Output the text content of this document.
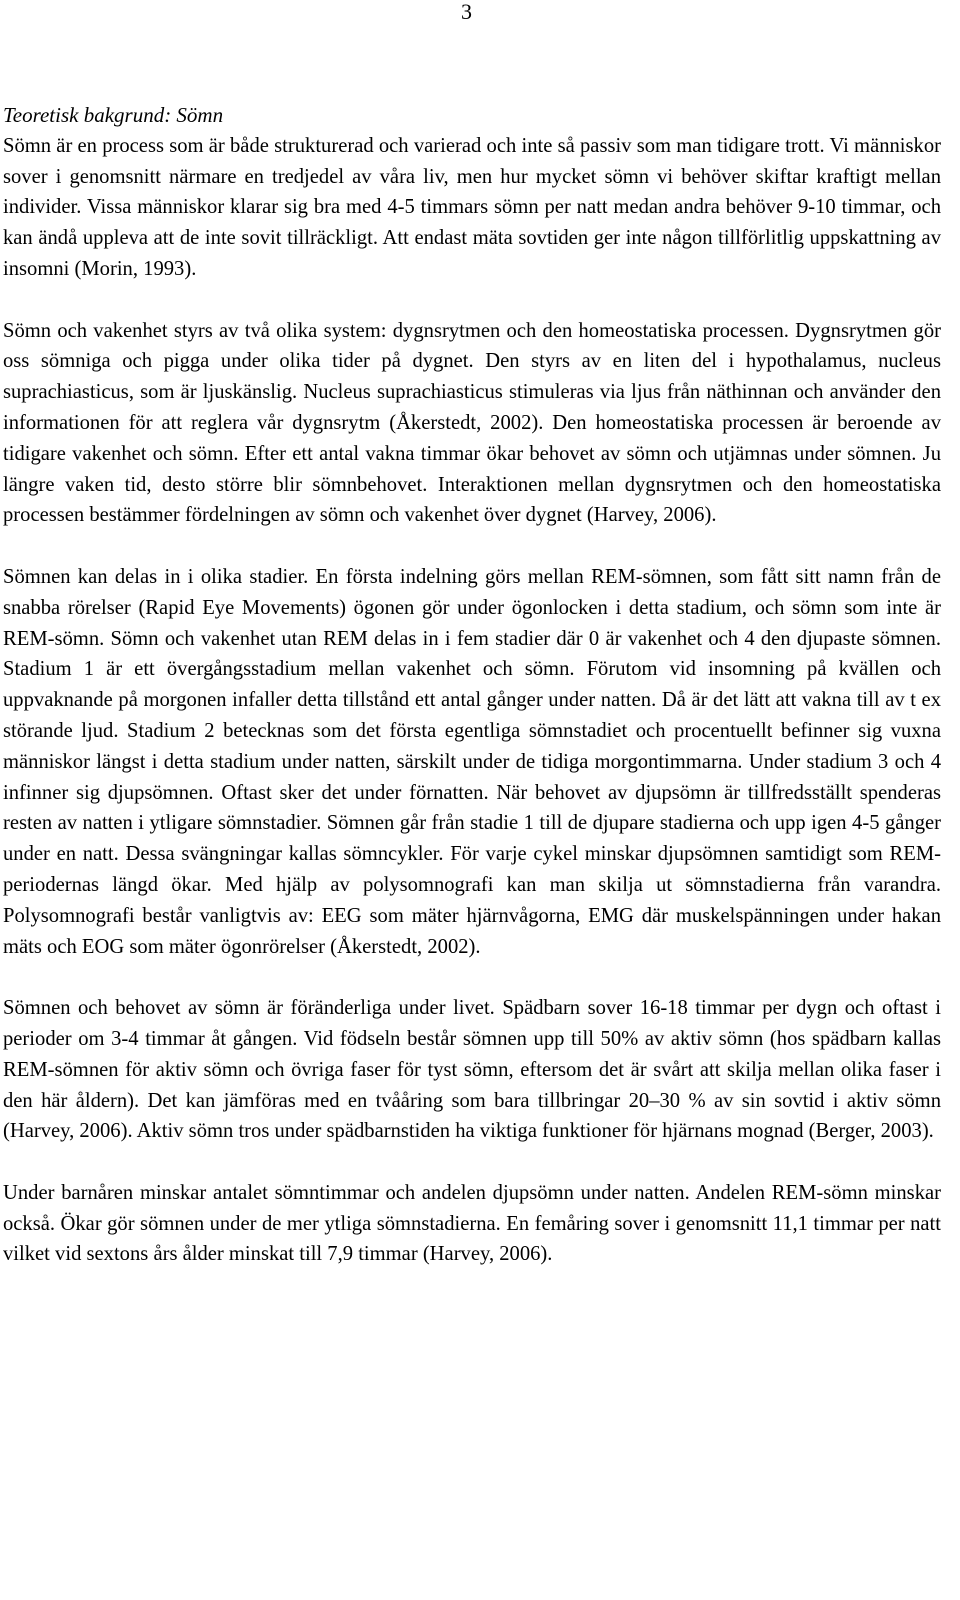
3
Teoretisk bakgrund: Sömn

Sömn är en process som är både strukturerad och varierad och inte så passiv som man tidigare trott. Vi människor sover i genomsnitt närmare en tredjedel av våra liv, men hur mycket sömn vi behöver skiftar kraftigt mellan individer. Vissa människor klarar sig bra med 4-5 timmars sömn per natt medan andra behöver 9-10 timmar, och kan ändå uppleva att de inte sovit tillräckligt. Att endast mäta sovtiden ger inte någon tillförlitlig uppskattning av insomni (Morin, 1993).

Sömn och vakenhet styrs av två olika system: dygnsrytmen och den homeostatiska processen. Dygnsrytmen gör oss sömniga och pigga under olika tider på dygnet. Den styrs av en liten del i hypothalamus, nucleus suprachiasticus, som är ljuskänslig. Nucleus suprachiasticus stimuleras via ljus från näthinnan och använder den informationen för att reglera vår dygnsrytm (Åkerstedt, 2002). Den homeostatiska processen är beroende av tidigare vakenhet och sömn. Efter ett antal vakna timmar ökar behovet av sömn och utjämnas under sömnen. Ju längre vaken tid, desto större blir sömnbehovet. Interaktionen mellan dygnsrytmen och den homeostatiska processen bestämmer fördelningen av sömn och vakenhet över dygnet (Harvey, 2006).

Sömnen kan delas in i olika stadier. En första indelning görs mellan REM-sömnen, som fått sitt namn från de snabba rörelser (Rapid Eye Movements) ögonen gör under ögonlocken i detta stadium, och sömn som inte är REM-sömn. Sömn och vakenhet utan REM delas in i fem stadier där 0 är vakenhet och 4 den djupaste sömnen. Stadium 1 är ett övergångsstadium mellan vakenhet och sömn. Förutom vid insomning på kvällen och uppvaknande på morgonen infaller detta tillstånd ett antal gånger under natten. Då är det lätt att vakna till av t ex störande ljud. Stadium 2 betecknas som det första egentliga sömnstadiet och procentuellt befinner sig vuxna människor längst i detta stadium under natten, särskilt under de tidiga morgontimmarna. Under stadium 3 och 4 infinner sig djupsömnen. Oftast sker det under förnatten. När behovet av djupsömn är tillfredsställt spenderas resten av natten i ytligare sömnstadier. Sömnen går från stadie 1 till de djupare stadierna och upp igen 4-5 gånger under en natt. Dessa svängningar kallas sömncykler. För varje cykel minskar djupsömnen samtidigt som REM-periodernas längd ökar. Med hjälp av polysomnografi kan man skilja ut sömnstadierna från varandra. Polysomnografi består vanligtvis av: EEG som mäter hjärnvågorna, EMG där muskelspänningen under hakan mäts och EOG som mäter ögonrörelser (Åkerstedt, 2002).

Sömnen och behovet av sömn är föränderliga under livet. Spädbarn sover 16-18 timmar per dygn och oftast i perioder om 3-4 timmar åt gången. Vid födseln består sömnen upp till 50% av aktiv sömn (hos spädbarn kallas REM-sömnen för aktiv sömn och övriga faser för tyst sömn, eftersom det är svårt att skilja mellan olika faser i den här åldern). Det kan jämföras med en tvååring som bara tillbringar 20–30 % av sin sovtid i aktiv sömn (Harvey, 2006). Aktiv sömn tros under spädbarnstiden ha viktiga funktioner för hjärnans mognad (Berger, 2003).

Under barnåren minskar antalet sömntimmar och andelen djupsömn under natten. Andelen REM-sömn minskar också. Ökar gör sömnen under de mer ytliga sömnstadierna. En femåring sover i genomsnitt 11,1 timmar per natt vilket vid sextons års ålder minskat till 7,9 timmar (Harvey, 2006).
